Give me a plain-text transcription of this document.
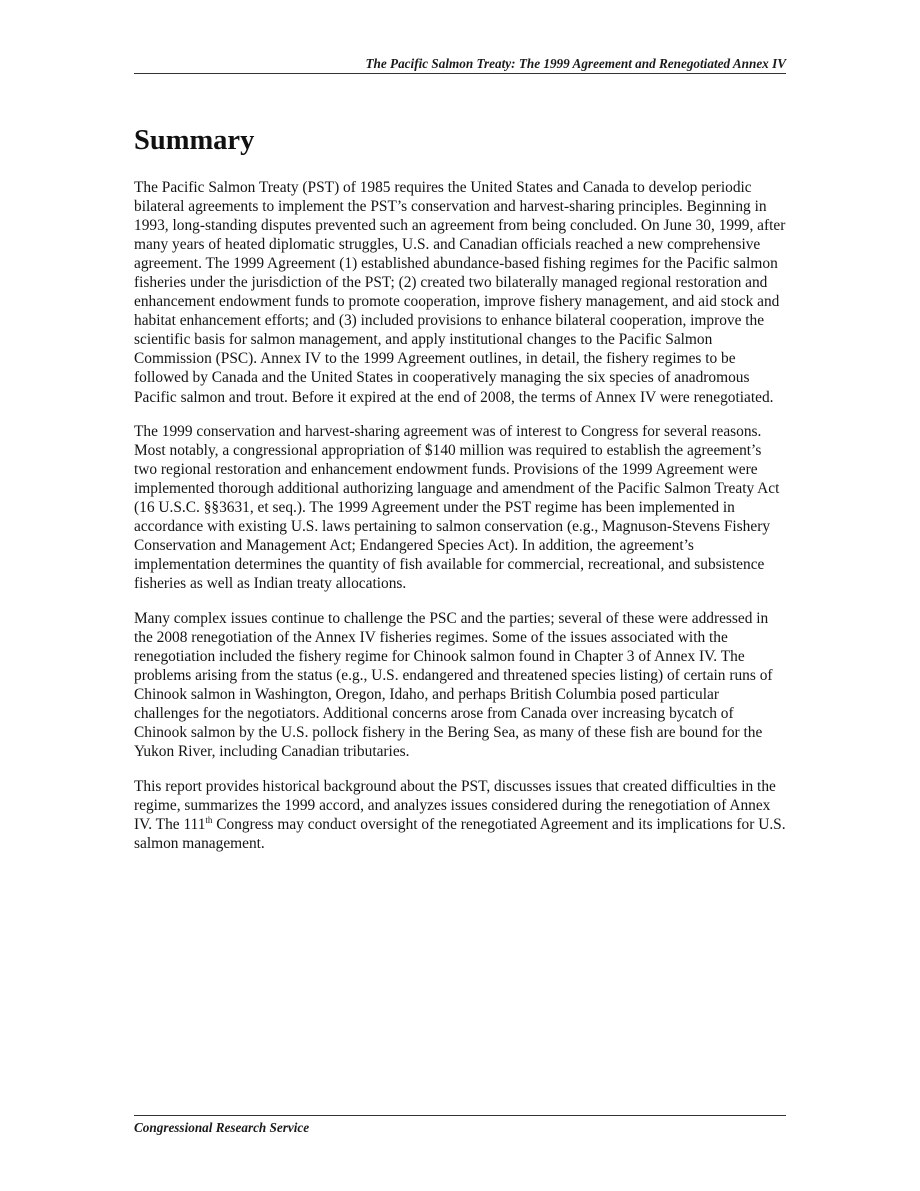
The Pacific Salmon Treaty: The 1999 Agreement and Renegotiated Annex IV
Summary

The Pacific Salmon Treaty (PST) of 1985 requires the United States and Canada to develop periodic bilateral agreements to implement the PST’s conservation and harvest-sharing principles. Beginning in 1993, long-standing disputes prevented such an agreement from being concluded. On June 30, 1999, after many years of heated diplomatic struggles, U.S. and Canadian officials reached a new comprehensive agreement. The 1999 Agreement (1) established abundance-based fishing regimes for the Pacific salmon fisheries under the jurisdiction of the PST; (2) created two bilaterally managed regional restoration and enhancement endowment funds to promote cooperation, improve fishery management, and aid stock and habitat enhancement efforts; and (3) included provisions to enhance bilateral cooperation, improve the scientific basis for salmon management, and apply institutional changes to the Pacific Salmon Commission (PSC). Annex IV to the 1999 Agreement outlines, in detail, the fishery regimes to be followed by Canada and the United States in cooperatively managing the six species of anadromous Pacific salmon and trout. Before it expired at the end of 2008, the terms of Annex IV were renegotiated.

The 1999 conservation and harvest-sharing agreement was of interest to Congress for several reasons. Most notably, a congressional appropriation of $140 million was required to establish the agreement’s two regional restoration and enhancement endowment funds. Provisions of the 1999 Agreement were implemented thorough additional authorizing language and amendment of the Pacific Salmon Treaty Act (16 U.S.C. §§3631, et seq.). The 1999 Agreement under the PST regime has been implemented in accordance with existing U.S. laws pertaining to salmon conservation (e.g., Magnuson-Stevens Fishery Conservation and Management Act; Endangered Species Act). In addition, the agreement’s implementation determines the quantity of fish available for commercial, recreational, and subsistence fisheries as well as Indian treaty allocations.

Many complex issues continue to challenge the PSC and the parties; several of these were addressed in the 2008 renegotiation of the Annex IV fisheries regimes. Some of the issues associated with the renegotiation included the fishery regime for Chinook salmon found in Chapter 3 of Annex IV. The problems arising from the status (e.g., U.S. endangered and threatened species listing) of certain runs of Chinook salmon in Washington, Oregon, Idaho, and perhaps British Columbia posed particular challenges for the negotiators. Additional concerns arose from Canada over increasing bycatch of Chinook salmon by the U.S. pollock fishery in the Bering Sea, as many of these fish are bound for the Yukon River, including Canadian tributaries.

This report provides historical background about the PST, discusses issues that created difficulties in the regime, summarizes the 1999 accord, and analyzes issues considered during the renegotiation of Annex IV. The 111th Congress may conduct oversight of the renegotiated Agreement and its implications for U.S. salmon management.

Congressional Research Service
